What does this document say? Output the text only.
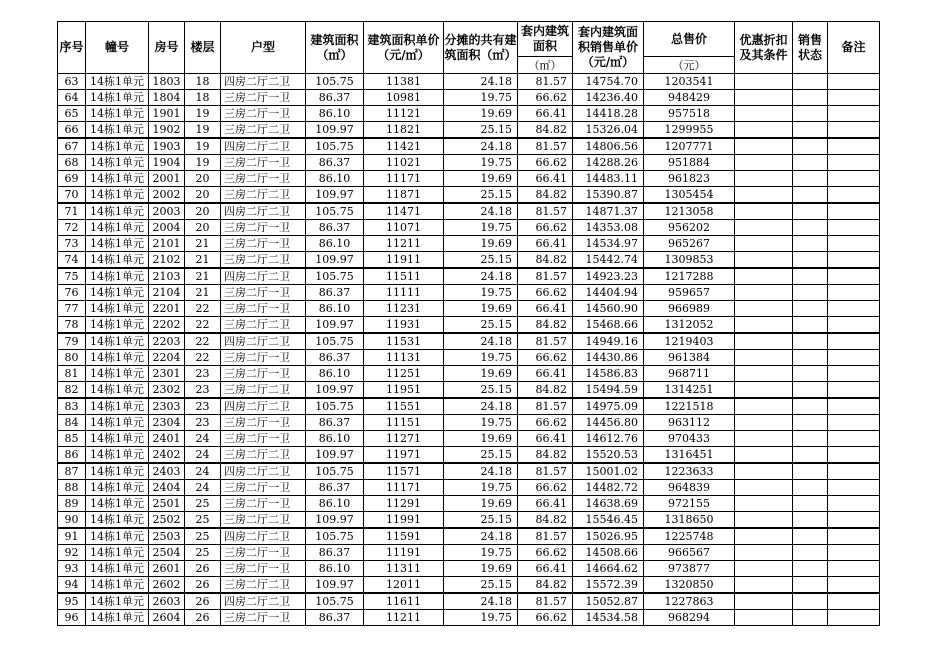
序号	幢号	房号	楼层	户型	建筑面积（㎡）	建筑面积单价（元/㎡）	分摊的共有建筑面积（㎡）	套内建筑面积	套内建筑面积销售单价（元/㎡）	总售价	优惠折扣及其条件	销售状态	备注
								（㎡）		（元）			
63	14栋1单元	1803	18	四房二厅二卫	105.75	11381	24.18	81.57	14754.70	1203541			
64	14栋1单元	1804	18	三房二厅一卫	86.37	10981	19.75	66.62	14236.40	948429			
65	14栋1单元	1901	19	三房二厅一卫	86.10	11121	19.69	66.41	14418.28	957518			
66	14栋1单元	1902	19	三房二厅二卫	109.97	11821	25.15	84.82	15326.04	1299955			
67	14栋1单元	1903	19	四房二厅二卫	105.75	11421	24.18	81.57	14806.56	1207771			
68	14栋1单元	1904	19	三房二厅一卫	86.37	11021	19.75	66.62	14288.26	951884			
69	14栋1单元	2001	20	三房二厅一卫	86.10	11171	19.69	66.41	14483.11	961823			
70	14栋1单元	2002	20	三房二厅二卫	109.97	11871	25.15	84.82	15390.87	1305454			
71	14栋1单元	2003	20	四房二厅二卫	105.75	11471	24.18	81.57	14871.37	1213058			
72	14栋1单元	2004	20	三房二厅一卫	86.37	11071	19.75	66.62	14353.08	956202			
73	14栋1单元	2101	21	三房二厅一卫	86.10	11211	19.69	66.41	14534.97	965267			
74	14栋1单元	2102	21	三房二厅二卫	109.97	11911	25.15	84.82	15442.74	1309853			
75	14栋1单元	2103	21	四房二厅二卫	105.75	11511	24.18	81.57	14923.23	1217288			
76	14栋1单元	2104	21	三房二厅一卫	86.37	11111	19.75	66.62	14404.94	959657			
77	14栋1单元	2201	22	三房二厅一卫	86.10	11231	19.69	66.41	14560.90	966989			
78	14栋1单元	2202	22	三房二厅二卫	109.97	11931	25.15	84.82	15468.66	1312052			
79	14栋1单元	2203	22	四房二厅二卫	105.75	11531	24.18	81.57	14949.16	1219403			
80	14栋1单元	2204	22	三房二厅一卫	86.37	11131	19.75	66.62	14430.86	961384			
81	14栋1单元	2301	23	三房二厅一卫	86.10	11251	19.69	66.41	14586.83	968711			
82	14栋1单元	2302	23	三房二厅二卫	109.97	11951	25.15	84.82	15494.59	1314251			
83	14栋1单元	2303	23	四房二厅二卫	105.75	11551	24.18	81.57	14975.09	1221518			
84	14栋1单元	2304	23	三房二厅一卫	86.37	11151	19.75	66.62	14456.80	963112			
85	14栋1单元	2401	24	三房二厅一卫	86.10	11271	19.69	66.41	14612.76	970433			
86	14栋1单元	2402	24	三房二厅二卫	109.97	11971	25.15	84.82	15520.53	1316451			
87	14栋1单元	2403	24	四房二厅二卫	105.75	11571	24.18	81.57	15001.02	1223633			
88	14栋1单元	2404	24	三房二厅一卫	86.37	11171	19.75	66.62	14482.72	964839			
89	14栋1单元	2501	25	三房二厅一卫	86.10	11291	19.69	66.41	14638.69	972155			
90	14栋1单元	2502	25	三房二厅二卫	109.97	11991	25.15	84.82	15546.45	1318650			
91	14栋1单元	2503	25	四房二厅二卫	105.75	11591	24.18	81.57	15026.95	1225748			
92	14栋1单元	2504	25	三房二厅一卫	86.37	11191	19.75	66.62	14508.66	966567			
93	14栋1单元	2601	26	三房二厅一卫	86.10	11311	19.69	66.41	14664.62	973877			
94	14栋1单元	2602	26	三房二厅二卫	109.97	12011	25.15	84.82	15572.39	1320850			
95	14栋1单元	2603	26	四房二厅二卫	105.75	11611	24.18	81.57	15052.87	1227863			
96	14栋1单元	2604	26	三房二厅一卫	86.37	11211	19.75	66.62	14534.58	968294			
